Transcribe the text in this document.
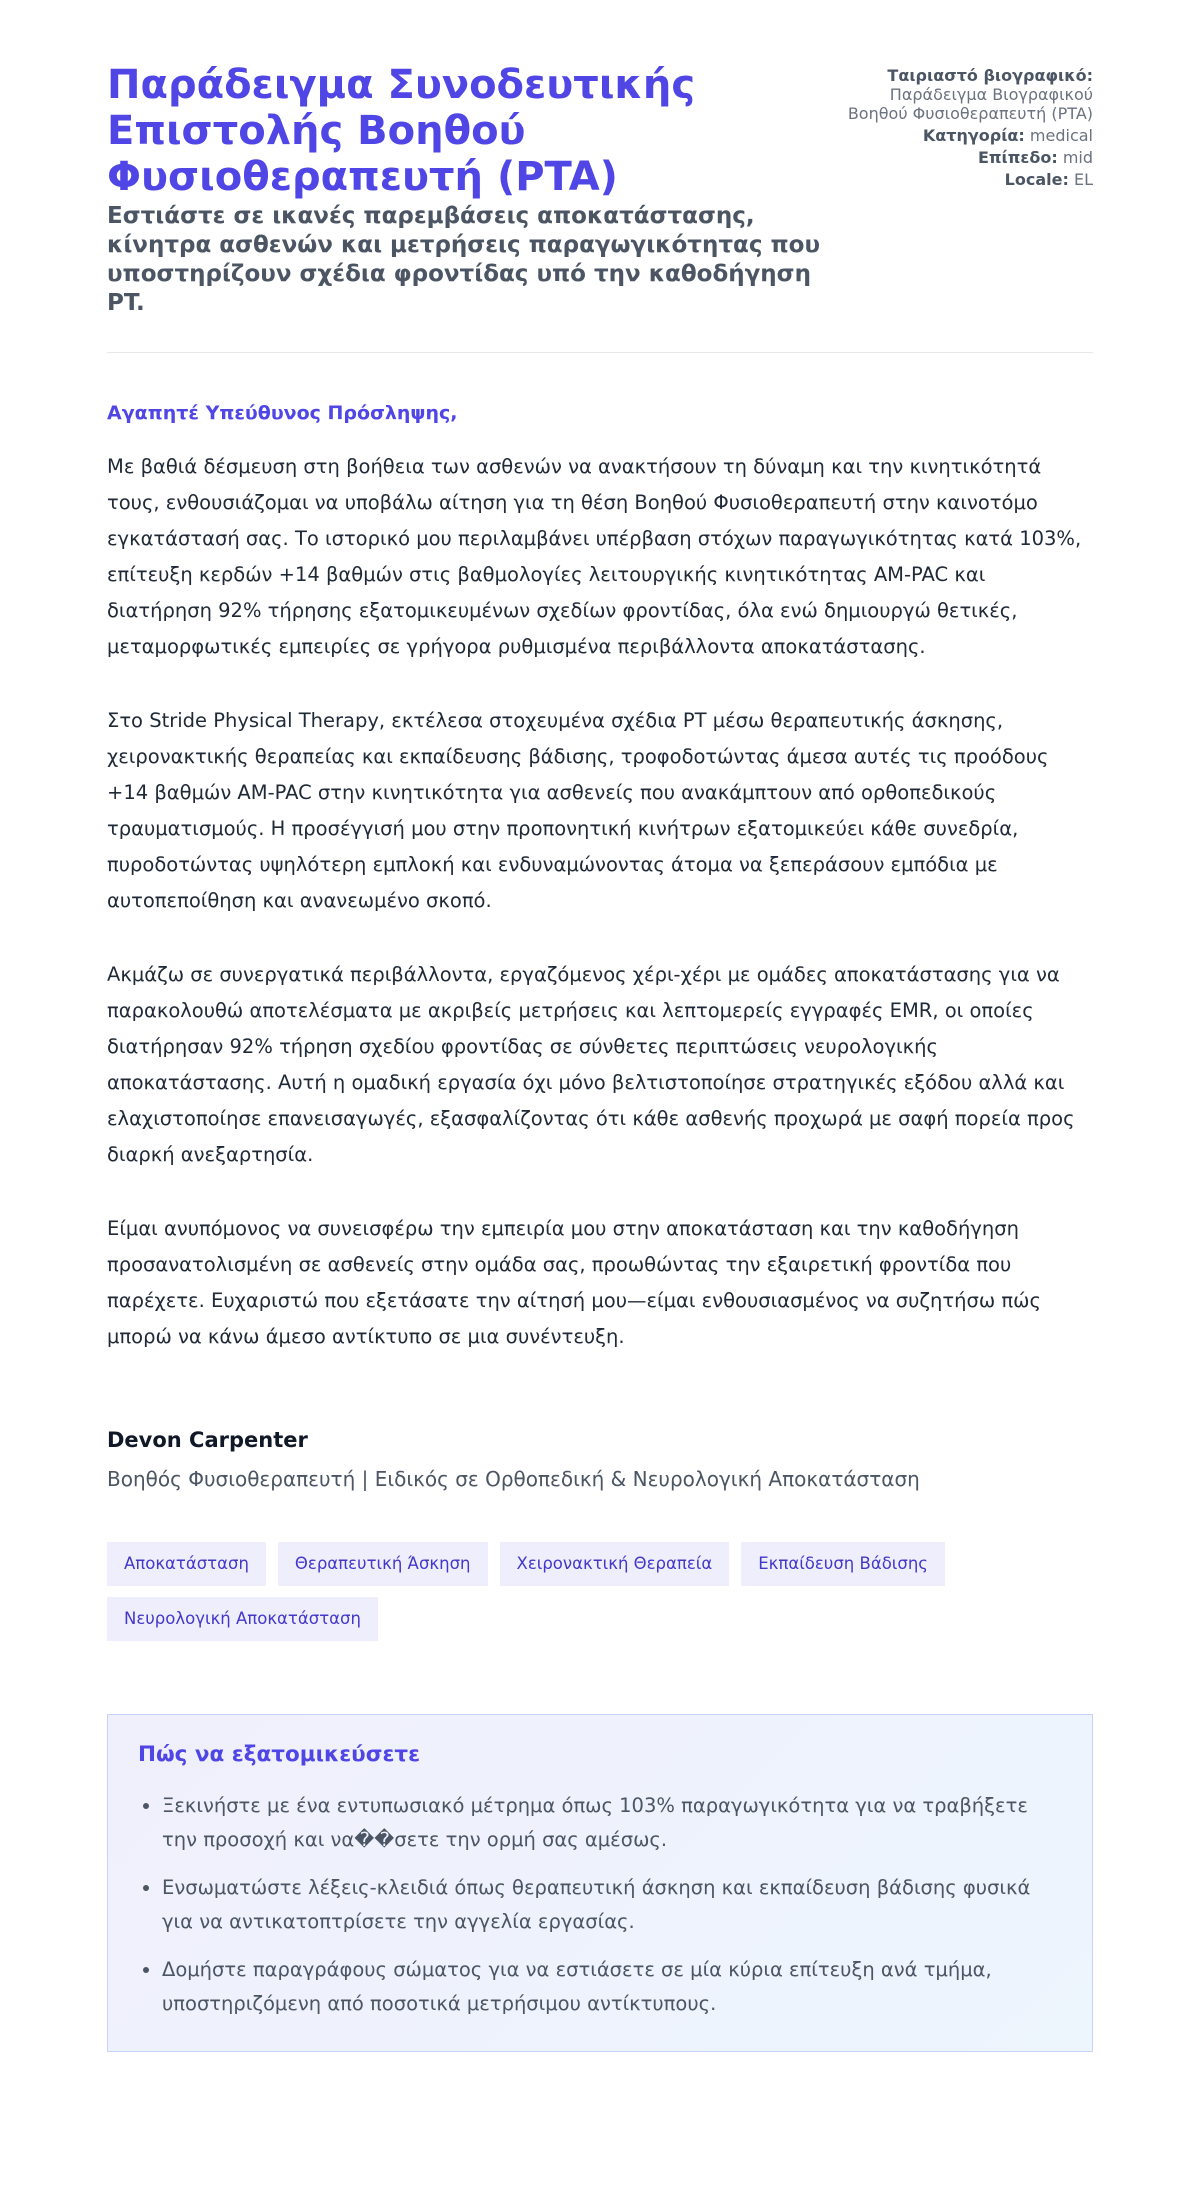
Παράδειγμα Συνοδευτικής Επιστολής Βοηθού Φυσιοθεραπευτή (PTA)

Εστιάστε σε ικανές παρεμβάσεις αποκατάστασης, κίνητρα ασθενών και μετρήσεις παραγωγικότητας που υποστηρίζουν σχέδια φροντίδας υπό την καθοδήγηση PT.

Ταιριαστό βιογραφικό:
Παράδειγμα Βιογραφικού Βοηθού Φυσιοθεραπευτή (PTA)
Κατηγορία: medical
Επίπεδο: mid
Locale: EL

Αγαπητέ Υπεύθυνος Πρόσληψης,

Με βαθιά δέσμευση στη βοήθεια των ασθενών να ανακτήσουν τη δύναμη και την κινητικότητά τους, ενθουσιάζομαι να υποβάλω αίτηση για τη θέση Βοηθού Φυσιοθεραπευτή στην καινοτόμο εγκατάστασή σας. Το ιστορικό μου περιλαμβάνει υπέρβαση στόχων παραγωγικότητας κατά 103%, επίτευξη κερδών +14 βαθμών στις βαθμολογίες λειτουργικής κινητικότητας AM-PAC και διατήρηση 92% τήρησης εξατομικευμένων σχεδίων φροντίδας, όλα ενώ δημιουργώ θετικές, μεταμορφωτικές εμπειρίες σε γρήγορα ρυθμισμένα περιβάλλοντα αποκατάστασης.

Στο Stride Physical Therapy, εκτέλεσα στοχευμένα σχέδια PT μέσω θεραπευτικής άσκησης, χειρονακτικής θεραπείας και εκπαίδευσης βάδισης, τροφοδοτώντας άμεσα αυτές τις προόδους +14 βαθμών AM-PAC στην κινητικότητα για ασθενείς που ανακάμπτουν από ορθοπεδικούς τραυματισμούς. Η προσέγγισή μου στην προπονητική κινήτρων εξατομικεύει κάθε συνεδρία, πυροδοτώντας υψηλότερη εμπλοκή και ενδυναμώνοντας άτομα να ξεπεράσουν εμπόδια με αυτοπεποίθηση και ανανεωμένο σκοπό.

Ακμάζω σε συνεργατικά περιβάλλοντα, εργαζόμενος χέρι-χέρι με ομάδες αποκατάστασης για να παρακολουθώ αποτελέσματα με ακριβείς μετρήσεις και λεπτομερείς εγγραφές EMR, οι οποίες διατήρησαν 92% τήρηση σχεδίου φροντίδας σε σύνθετες περιπτώσεις νευρολογικής αποκατάστασης. Αυτή η ομαδική εργασία όχι μόνο βελτιστοποίησε στρατηγικές εξόδου αλλά και ελαχιστοποίησε επανεισαγωγές, εξασφαλίζοντας ότι κάθε ασθενής προχωρά με σαφή πορεία προς διαρκή ανεξαρτησία.

Είμαι ανυπόμονος να συνεισφέρω την εμπειρία μου στην αποκατάσταση και την καθοδήγηση προσανατολισμένη σε ασθενείς στην ομάδα σας, προωθώντας την εξαιρετική φροντίδα που παρέχετε. Ευχαριστώ που εξετάσατε την αίτησή μου—είμαι ενθουσιασμένος να συζητήσω πώς μπορώ να κάνω άμεσο αντίκτυπο σε μια συνέντευξη.

Devon Carpenter
Βοηθός Φυσιοθεραπευτή | Ειδικός σε Ορθοπεδική & Νευρολογική Αποκατάσταση
Αποκατάσταση	Θεραπευτική Άσκηση	Χειρονακτική Θεραπεία	Εκπαίδευση Βάδισης
Νευρολογική Αποκατάσταση
Πώς να εξατομικεύσετε
• Ξεκινήστε με ένα εντυπωσιακό μέτρημα όπως 103% παραγωγικότητα για να τραβήξετε την προσοχή και να��σετε την ορμή σας αμέσως.
• Ενσωματώστε λέξεις-κλειδιά όπως θεραπευτική άσκηση και εκπαίδευση βάδισης φυσικά για να αντικατοπτρίσετε την αγγελία εργασίας.
• Δομήστε παραγράφους σώματος για να εστιάσετε σε μία κύρια επίτευξη ανά τμήμα, υποστηριζόμενη από ποσοτικά μετρήσιμου αντίκτυπους.
